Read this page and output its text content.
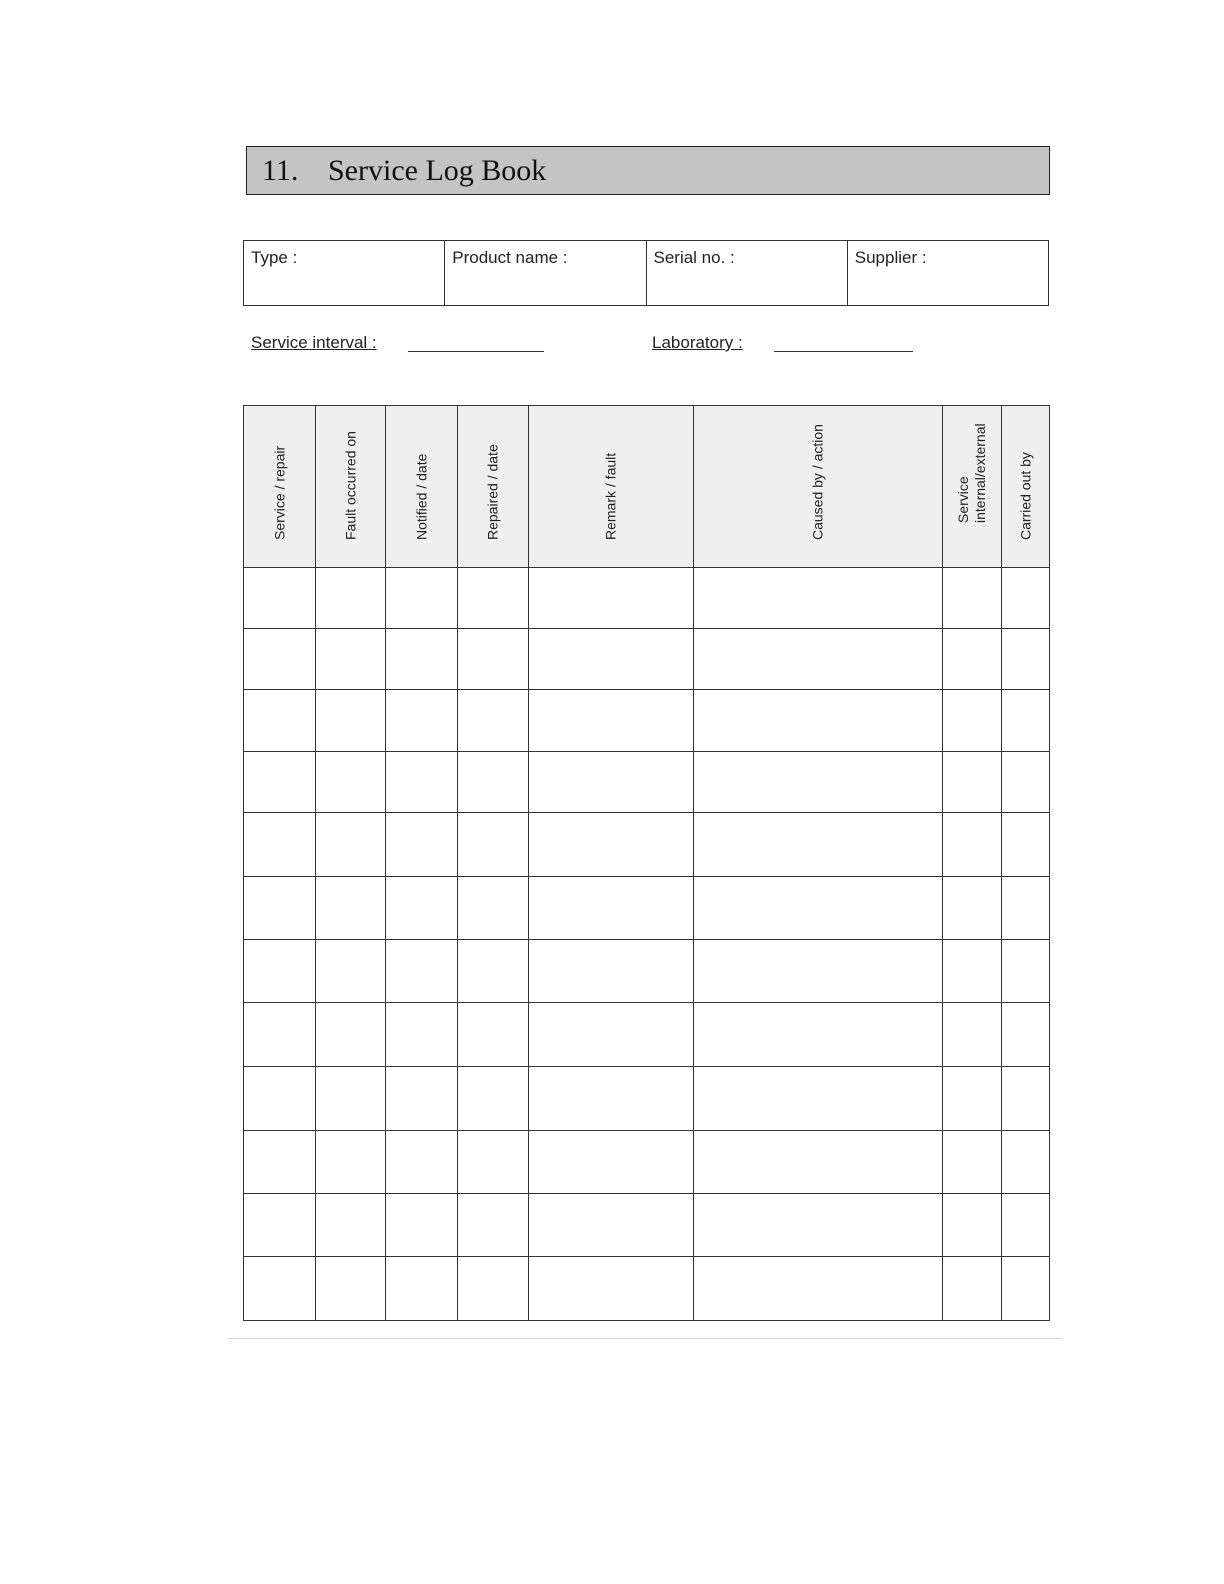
11. Service Log Book
Type :	Product name :	Serial no. :	Supplier :
Service interval :	Laboratory :
Service / repair	Fault occurred on	Notified / date	Repaired / date	Remark / fault	Caused by / action	Service internal/external	Carried out by
